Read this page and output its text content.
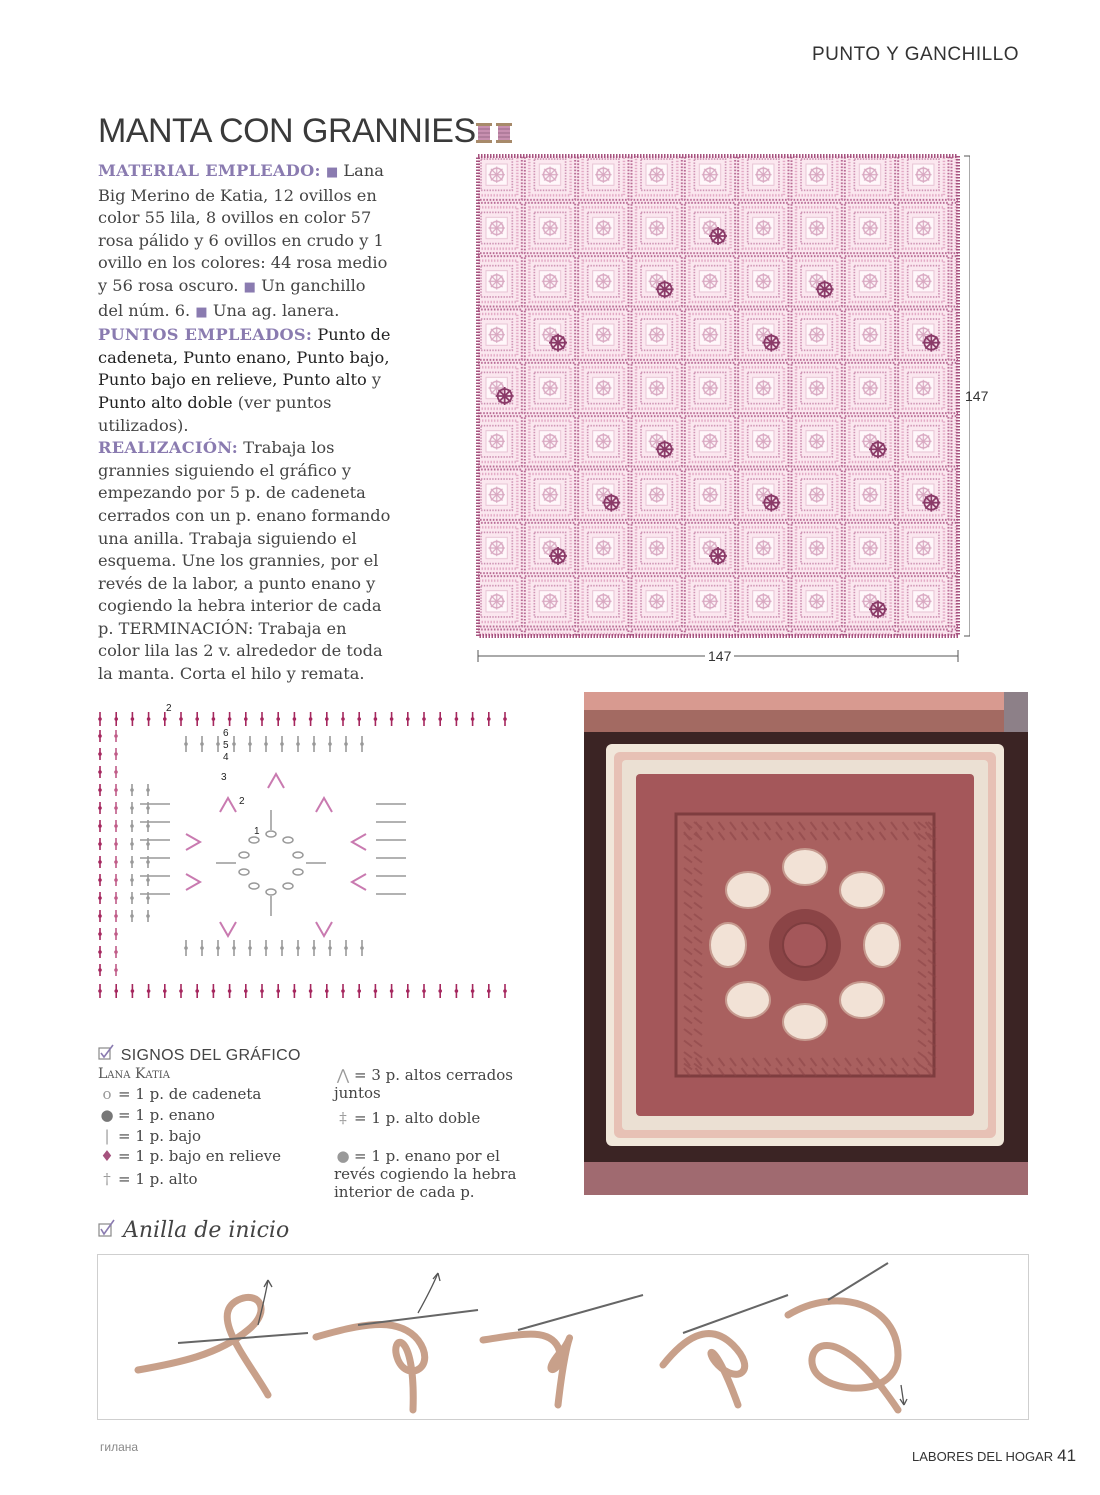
PUNTO Y GANCHILLO
MANTA CON GRANNIES

MATERIAL EMPLEADO: ■ Lana Big Merino de Katia, 12 ovillos en color 55 lila, 8 ovillos en color 57 rosa pálido y 6 ovillos en crudo y 1 ovillo en los colores: 44 rosa medio y 56 rosa oscuro. ■ Un ganchillo del núm. 6. ■ Una ag. lanera.

PUNTOS EMPLEADOS: Punto de cadeneta, Punto enano, Punto bajo, Punto bajo en relieve, Punto alto y Punto alto doble (ver puntos utilizados).

REALIZACIÓN: Trabaja los grannies siguiendo el gráfico y empezando por 5 p. de cadeneta cerrados con un p. enano formando una anilla. Trabaja siguiendo el esquema. Une los grannies, por el revés de la labor, a punto enano y cogiendo la hebra interior de cada p. TERMINACIÓN: Trabaja en color lila las 2 v. alrededor de toda la manta. Corta el hilo y remata.

147
147
2
6
5
4
3
2
1
SIGNOS DEL GRÁFICO
Lana Katia
o = 1 p. de cadeneta
● = 1 p. enano
| = 1 p. bajo
♦ = 1 p. bajo en relieve
† = 1 p. alto
⋀ = 3 p. altos cerrados juntos
‡ = 1 p. alto doble
● = 1 p. enano por el revés cogiendo la hebra interior de cada p.
Anilla de inicio
гилана
LABORES DEL HOGAR 41
